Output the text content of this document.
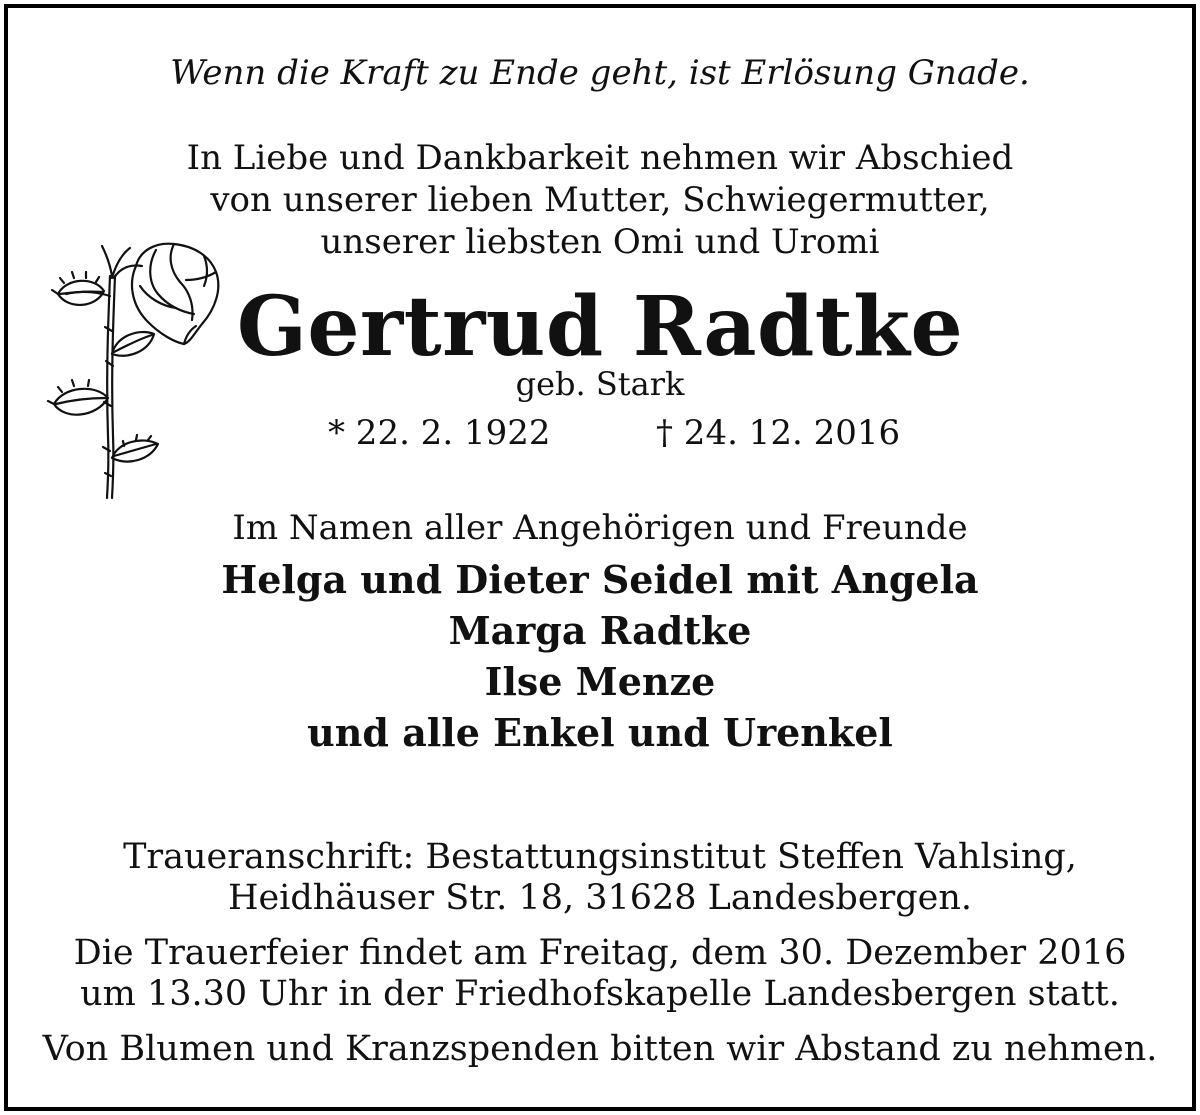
Wenn die Kraft zu Ende geht, ist Erlösung Gnade.
In Liebe und Dankbarkeit nehmen wir Abschied
von unserer lieben Mutter, Schwiegermutter,
unserer liebsten Omi und Uromi
Gertrud Radtke
geb. Stark
* 22. 2. 1922	† 24. 12. 2016
Im Namen aller Angehörigen und Freunde
Helga und Dieter Seidel mit Angela
Marga Radtke
Ilse Menze
und alle Enkel und Urenkel
Traueranschrift: Bestattungsinstitut Steffen Vahlsing,
Heidhäuser Str. 18, 31628 Landesbergen.
Die Trauerfeier findet am Freitag, dem 30. Dezember 2016
um 13.30 Uhr in der Friedhofskapelle Landesbergen statt.
Von Blumen und Kranzspenden bitten wir Abstand zu nehmen.
